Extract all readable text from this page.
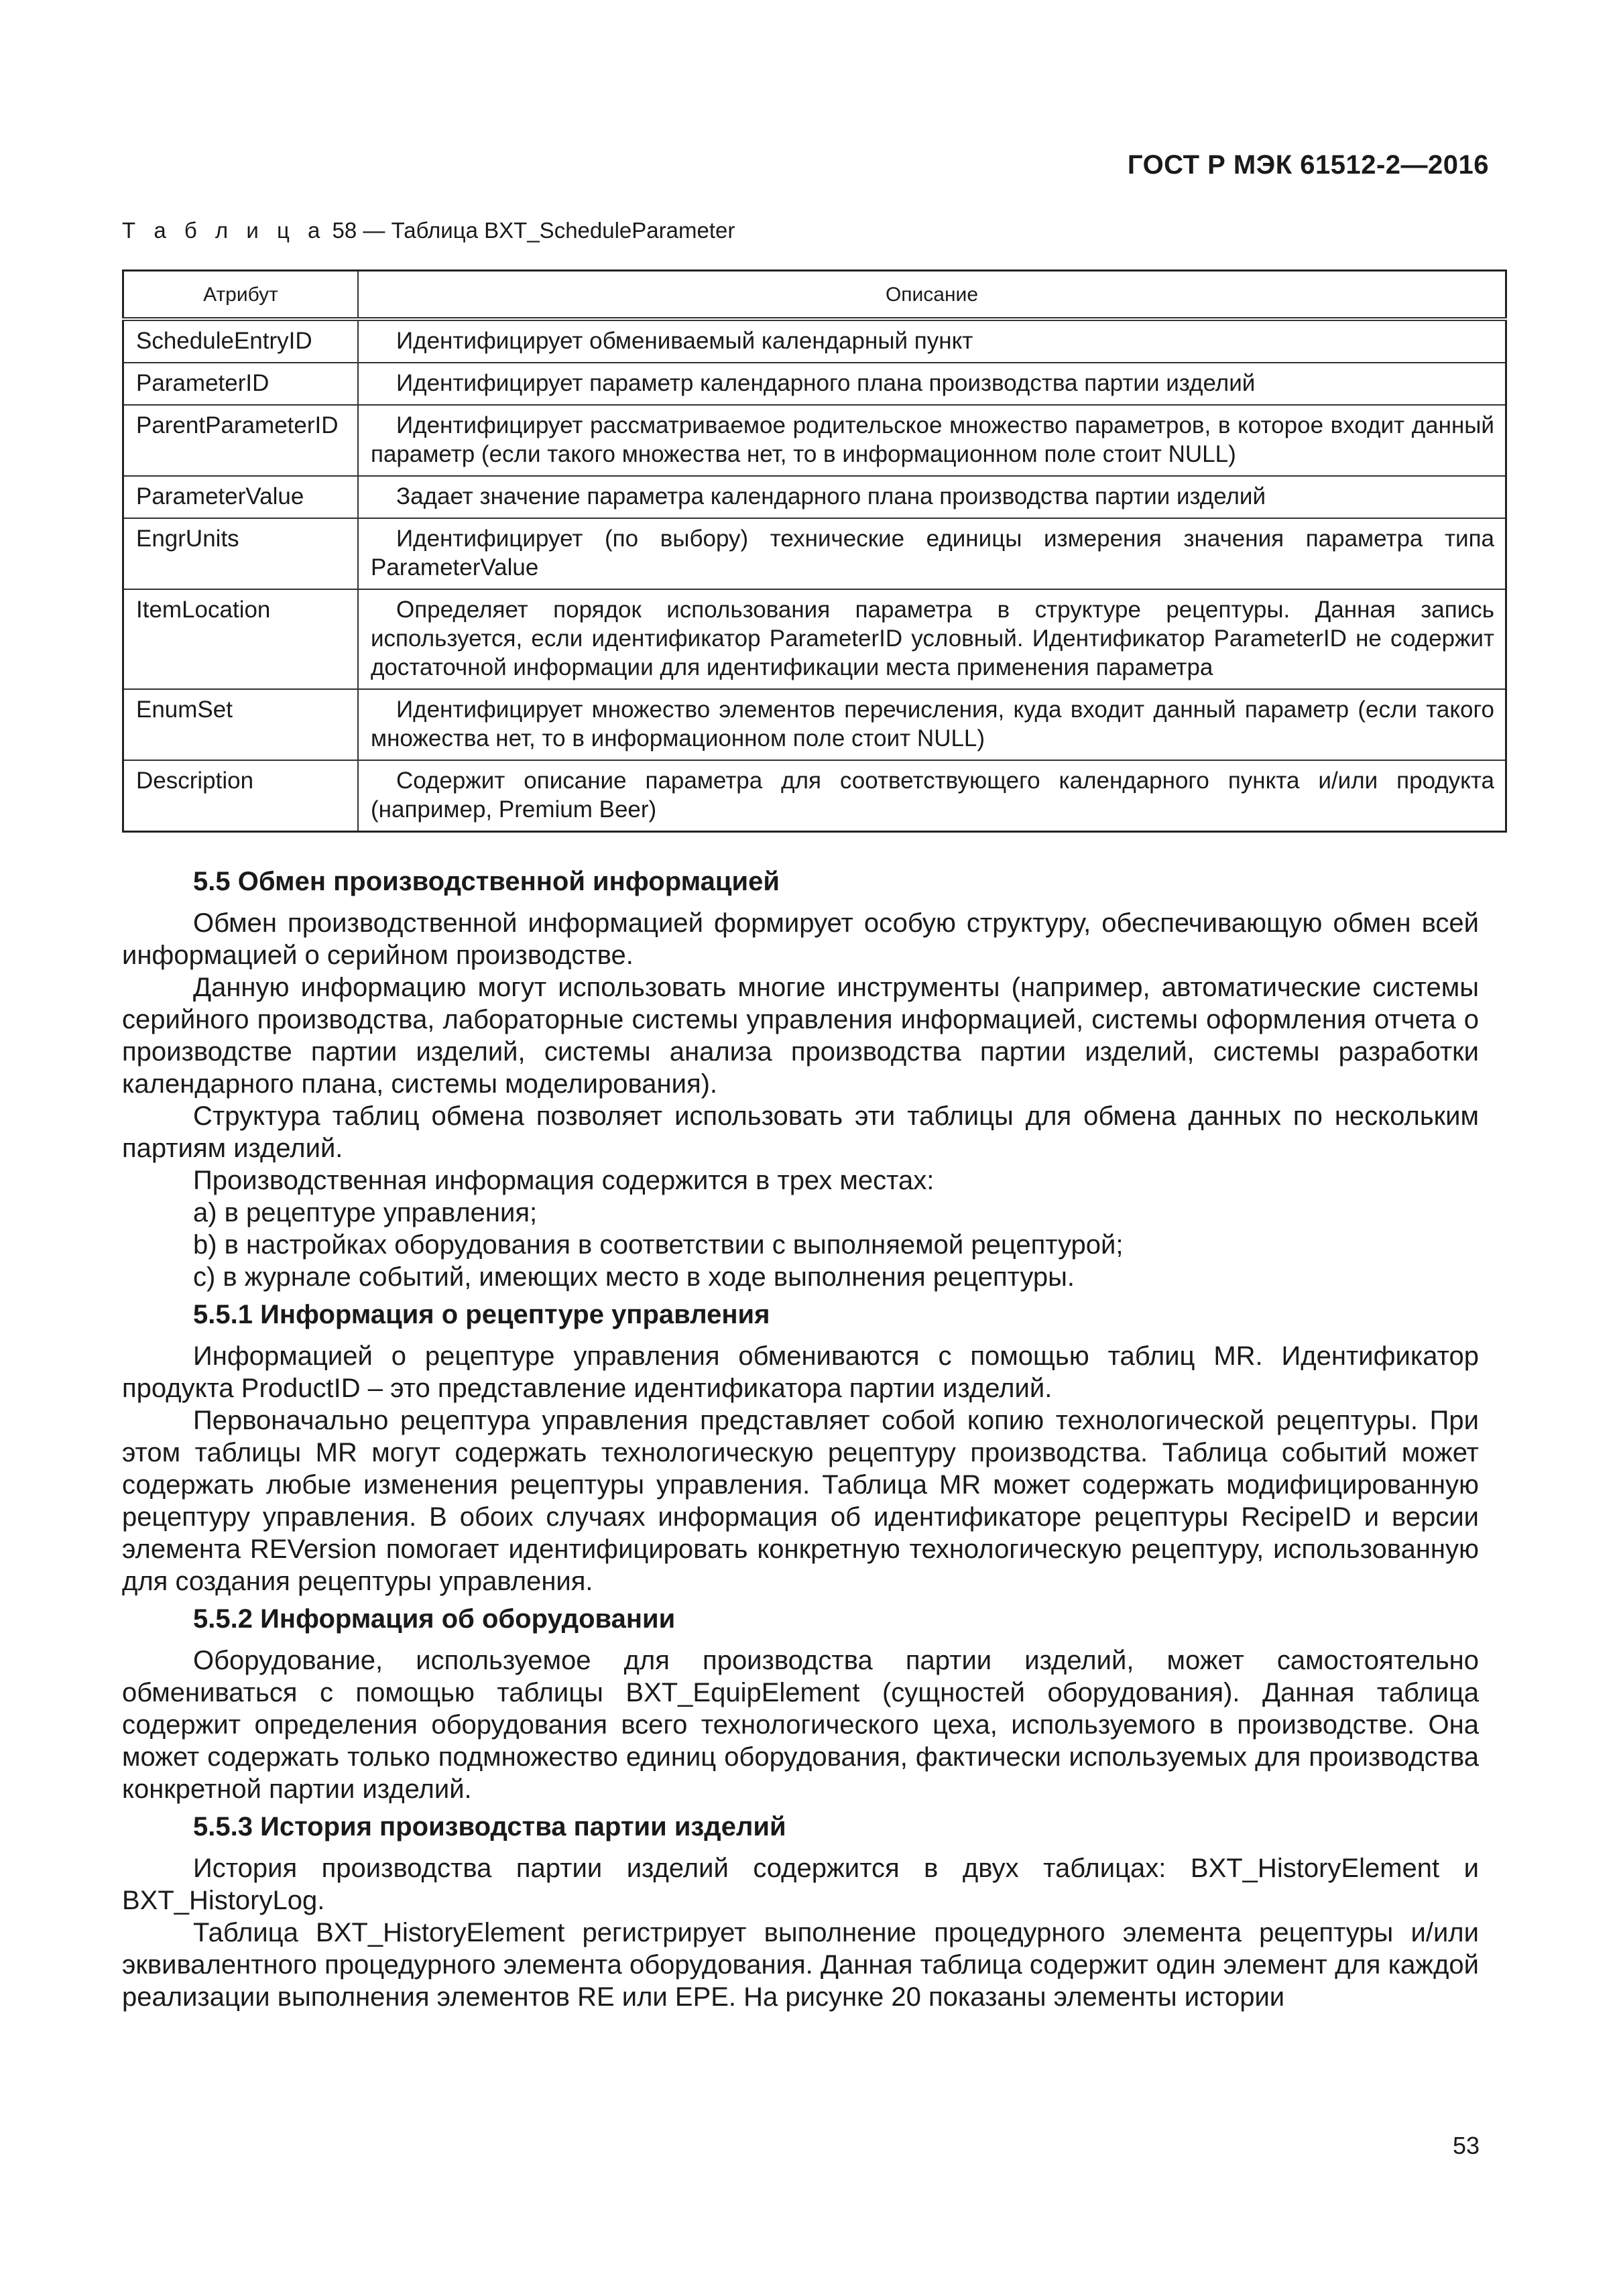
ГОСТ Р МЭК 61512-2—2016
Т а б л и ц а 58 — Таблица BXT_ScheduleParameter
Атрибут	Описание
ScheduleEntryID	Идентифицирует обмениваемый календарный пункт
ParameterID	Идентифицирует параметр календарного плана производства партии изделий
ParentParameterID	Идентифицирует рассматриваемое родительское множество параметров, в которое входит данный параметр (если такого множества нет, то в информационном поле стоит NULL)
ParameterValue	Задает значение параметра календарного плана производства партии изделий
EngrUnits	Идентифицирует (по выбору) технические единицы измерения значения параметра типа ParameterValue
ItemLocation	Определяет порядок использования параметра в структуре рецептуры. Данная запись используется, если идентификатор ParameterID условный. Идентификатор ParameterID не содержит достаточной информации для идентификации места применения параметра
EnumSet	Идентифицирует множество элементов перечисления, куда входит данный параметр (если такого множества нет, то в информационном поле стоит NULL)
Description	Содержит описание параметра для соответствующего календарного пункта и/или продукта (например, Premium Beer)
5.5 Обмен производственной информацией

Обмен производственной информацией формирует особую структуру, обеспечивающую обмен всей информацией о серийном производстве.

Данную информацию могут использовать многие инструменты (например, автоматические системы серийного производства, лабораторные системы управления информацией, системы оформления отчета о производстве партии изделий, системы анализа производства партии изделий, системы разработки календарного плана, системы моделирования).

Структура таблиц обмена позволяет использовать эти таблицы для обмена данных по нескольким партиям изделий.

Производственная информация содержится в трех местах:

a) в рецептуре управления;

b) в настройках оборудования в соответствии с выполняемой рецептурой;

c) в журнале событий, имеющих место в ходе выполнения рецептуры.

5.5.1 Информация о рецептуре управления

Информацией о рецептуре управления обмениваются с помощью таблиц MR. Идентификатор продукта ProductID – это представление идентификатора партии изделий.

Первоначально рецептура управления представляет собой копию технологической рецептуры. При этом таблицы MR могут содержать технологическую рецептуру производства. Таблица событий может содержать любые изменения рецептуры управления. Таблица MR может содержать модифицированную рецептуру управления. В обоих случаях информация об идентификаторе рецептуры RecipeID и версии элемента REVersion помогает идентифицировать конкретную технологическую рецептуру, использованную для создания рецептуры управления.

5.5.2 Информация об оборудовании

Оборудование, используемое для производства партии изделий, может самостоятельно обмениваться с помощью таблицы BXT_EquipElement (сущностей оборудования). Данная таблица содержит определения оборудования всего технологического цеха, используемого в производстве. Она может содержать только подмножество единиц оборудования, фактически используемых для производства конкретной партии изделий.

5.5.3 История производства партии изделий

История производства партии изделий содержится в двух таблицах: BXT_HistoryElement и BXT_HistoryLog.

Таблица BXT_HistoryElement регистрирует выполнение процедурного элемента рецептуры и/или эквивалентного процедурного элемента оборудования. Данная таблица содержит один элемент для каждой реализации выполнения элементов RE или EPE. На рисунке 20 показаны элементы истории

53
